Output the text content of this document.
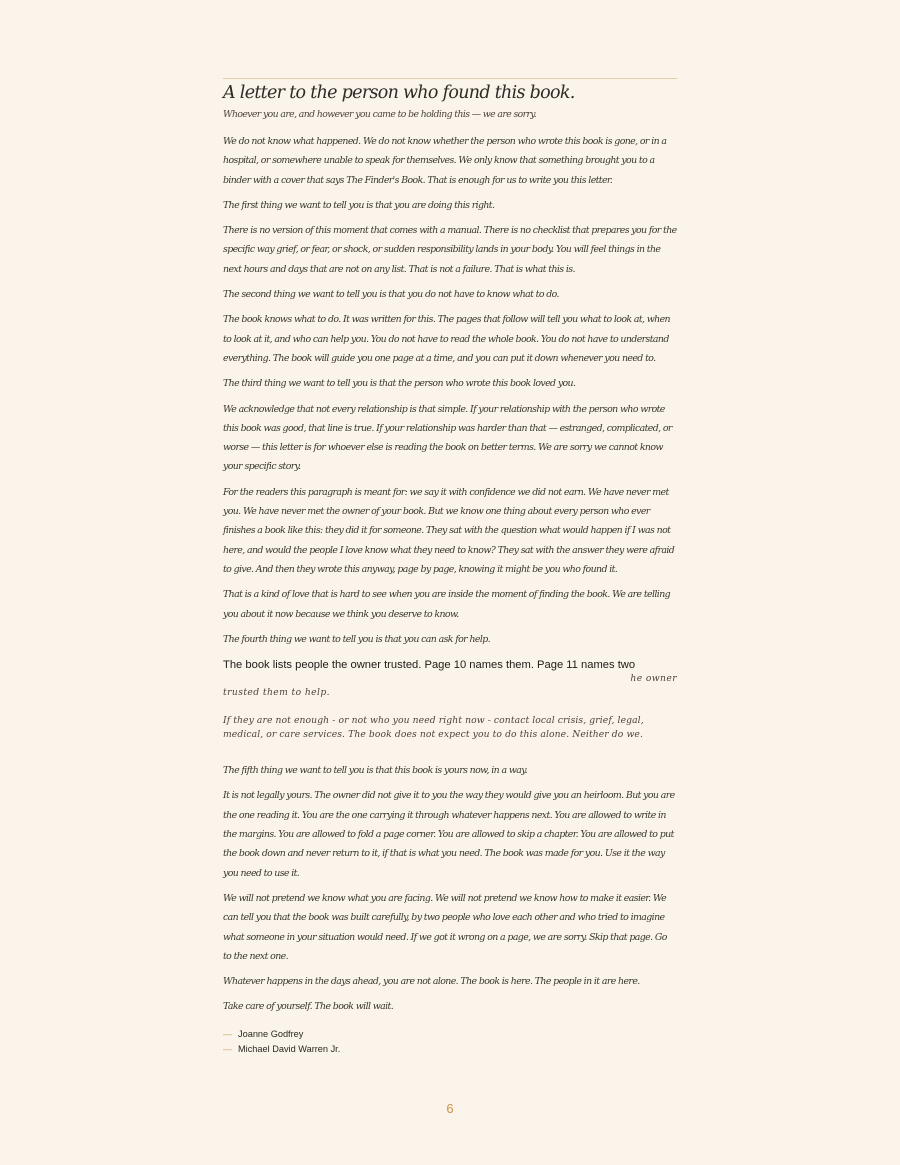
A letter to the person who found this book.

Whoever you are, and however you came to be holding this — we are sorry.

We do not know what happened. We do not know whether the person who wrote this book is gone, or in a hospital, or somewhere unable to speak for themselves. We only know that something brought you to a binder with a cover that says The Finder's Book. That is enough for us to write you this letter.

The first thing we want to tell you is that you are doing this right.

There is no version of this moment that comes with a manual. There is no checklist that prepares you for the specific way grief, or fear, or shock, or sudden responsibility lands in your body. You will feel things in the next hours and days that are not on any list. That is not a failure. That is what this is.

The second thing we want to tell you is that you do not have to know what to do.

The book knows what to do. It was written for this. The pages that follow will tell you what to look at, when to look at it, and who can help you. You do not have to read the whole book. You do not have to understand everything. The book will guide you one page at a time, and you can put it down whenever you need to.

The third thing we want to tell you is that the person who wrote this book loved you.

We acknowledge that not every relationship is that simple. If your relationship with the person who wrote this book was good, that line is true. If your relationship was harder than that — estranged, complicated, or worse — this letter is for whoever else is reading the book on better terms. We are sorry we cannot know your specific story.

For the readers this paragraph is meant for: we say it with confidence we did not earn. We have never met you. We have never met the owner of your book. But we know one thing about every person who ever finishes a book like this: they did it for someone. They sat with the question what would happen if I was not here, and would the people I love know what they need to know? They sat with the answer they were afraid to give. And then they wrote this anyway, page by page, knowing it might be you who found it.

That is a kind of love that is hard to see when you are inside the moment of finding the book. We are telling you about it now because we think you deserve to know.

The fourth thing we want to tell you is that you can ask for help.

The book lists people the owner trusted. Page 10 names them. Page 11 names two

he owner

trusted them to help.

If they are not enough - or not who you need right now - contact local crisis, grief, legal, medical, or care services. The book does not expect you to do this alone. Neither do we.

The fifth thing we want to tell you is that this book is yours now, in a way.

It is not legally yours. The owner did not give it to you the way they would give you an heirloom. But you are the one reading it. You are the one carrying it through whatever happens next. You are allowed to write in the margins. You are allowed to fold a page corner. You are allowed to skip a chapter. You are allowed to put the book down and never return to it, if that is what you need. The book was made for you. Use it the way you need to use it.

We will not pretend we know what you are facing. We will not pretend we know how to make it easier. We can tell you that the book was built carefully, by two people who love each other and who tried to imagine what someone in your situation would need. If we got it wrong on a page, we are sorry. Skip that page. Go to the next one.

Whatever happens in the days ahead, you are not alone. The book is here. The people in it are here.

Take care of yourself. The book will wait.

— Joanne Godfrey
— Michael David Warren Jr.
6
